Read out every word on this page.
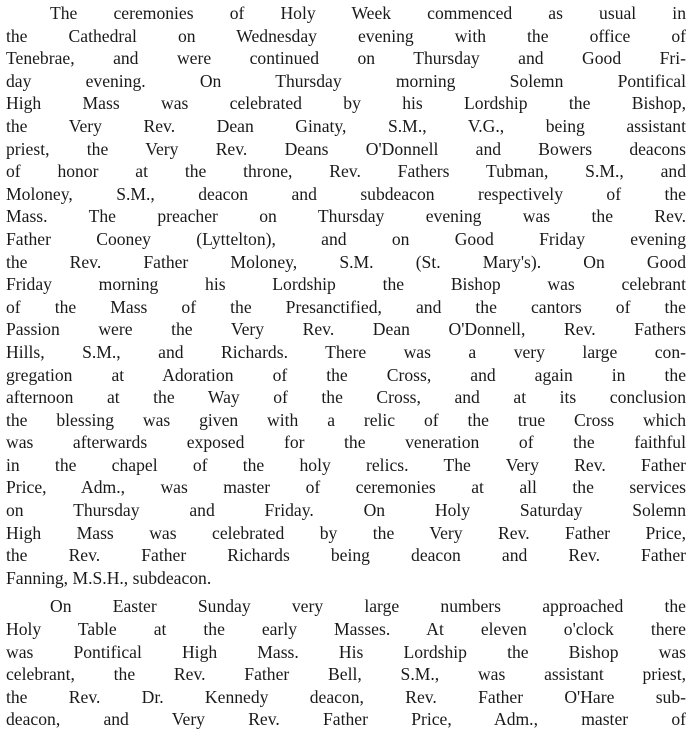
The ceremonies of Holy Week commenced as usual in
the Cathedral on Wednesday evening with the office of
Tenebrae, and were continued on Thursday and Good Fri-
day evening. On Thursday morning Solemn Pontifical
High Mass was celebrated by his Lordship the Bishop,
the Very Rev. Dean Ginaty, S.M., V.G., being assistant
priest, the Very Rev. Deans O'Donnell and Bowers deacons
of honor at the throne, Rev. Fathers Tubman, S.M., and
Moloney, S.M., deacon and subdeacon respectively of the
Mass. The preacher on Thursday evening was the Rev.
Father Cooney (Lyttelton), and on Good Friday evening
the Rev. Father Moloney, S.M. (St. Mary's). On Good
Friday morning his Lordship the Bishop was celebrant
of the Mass of the Presanctified, and the cantors of the
Passion were the Very Rev. Dean O'Donnell, Rev. Fathers
Hills, S.M., and Richards. There was a very large con-
gregation at Adoration of the Cross, and again in the
afternoon at the Way of the Cross, and at its conclusion
the blessing was given with a relic of the true Cross which
was afterwards exposed for the veneration of the faithful
in the chapel of the holy relics. The Very Rev. Father
Price, Adm., was master of ceremonies at all the services
on Thursday and Friday. On Holy Saturday Solemn
High Mass was celebrated by the Very Rev. Father Price,
the Rev. Father Richards being deacon and Rev. Father
Fanning, M.S.H., subdeacon.
On Easter Sunday very large numbers approached the
Holy Table at the early Masses. At eleven o'clock there
was Pontifical High Mass. His Lordship the Bishop was
celebrant, the Rev. Father Bell, S.M., was assistant priest,
the Rev. Dr. Kennedy deacon, Rev. Father O'Hare sub-
deacon, and Very Rev. Father Price, Adm., master of
